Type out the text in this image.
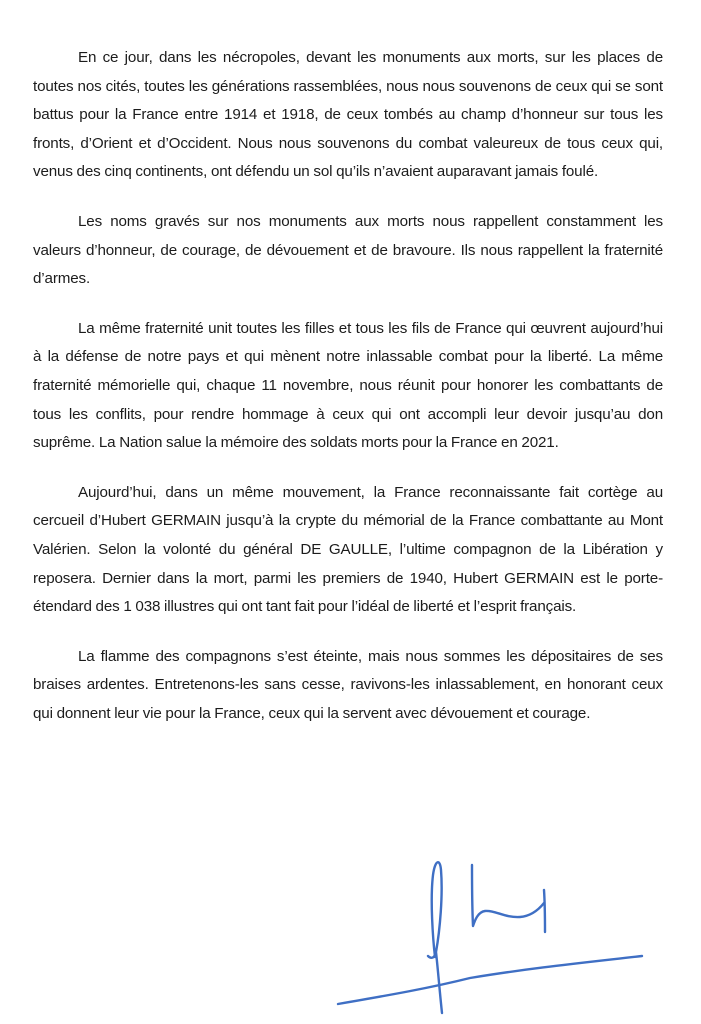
En ce jour, dans les nécropoles, devant les monuments aux morts, sur les places de toutes nos cités, toutes les générations rassemblées, nous nous souvenons de ceux qui se sont battus pour la France entre 1914 et 1918, de ceux tombés au champ d’honneur sur tous les fronts, d’Orient et d’Occident. Nous nous souvenons du combat valeureux de tous ceux qui, venus des cinq continents, ont défendu un sol qu’ils n’avaient auparavant jamais foulé.

Les noms gravés sur nos monuments aux morts nous rappellent constamment les valeurs d’honneur, de courage, de dévouement et de bravoure. Ils nous rappellent la fraternité d’armes.

La même fraternité unit toutes les filles et tous les fils de France qui œuvrent aujourd’hui à la défense de notre pays et qui mènent notre inlassable combat pour la liberté. La même fraternité mémorielle qui, chaque 11 novembre, nous réunit pour honorer les combattants de tous les conflits, pour rendre hommage à ceux qui ont accompli leur devoir jusqu’au don suprême. La Nation salue la mémoire des soldats morts pour la France en 2021.

Aujourd’hui, dans un même mouvement, la France reconnaissante fait cortège au cercueil d’Hubert GERMAIN jusqu’à la crypte du mémorial de la France combattante au Mont Valérien. Selon la volonté du général DE GAULLE, l’ultime compagnon de la Libération y reposera. Dernier dans la mort, parmi les premiers de 1940, Hubert GERMAIN est le porte-étendard des 1 038 illustres qui ont tant fait pour l’idéal de liberté et l’esprit français.

La flamme des compagnons s’est éteinte, mais nous sommes les dépositaires de ses braises ardentes. Entretenons-les sans cesse, ravivons-les inlassablement, en honorant ceux qui donnent leur vie pour la France, ceux qui la servent avec dévouement et courage.
